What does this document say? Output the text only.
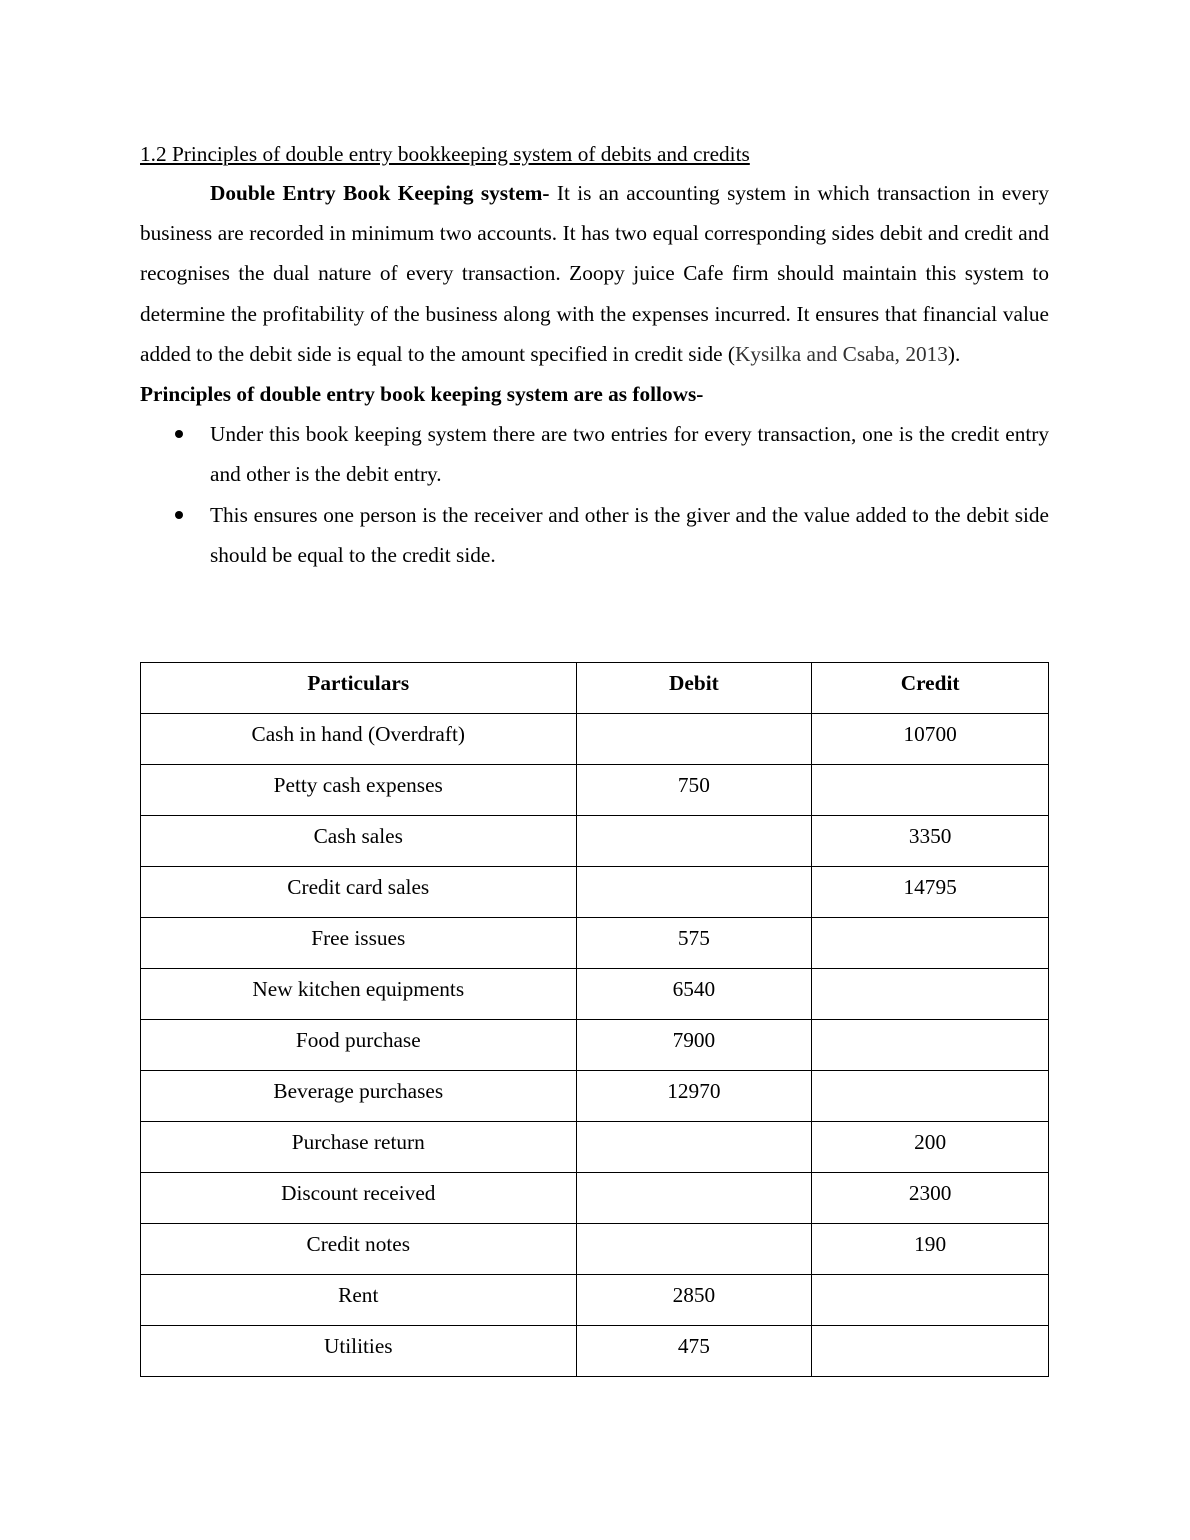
1.2 Principles of double entry bookkeeping system of debits and credits

Double Entry Book Keeping system- It is an accounting system in which transaction in every business are recorded in minimum two accounts. It has two equal corresponding sides debit and credit and recognises the dual nature of every transaction. Zoopy juice Cafe firm should maintain this system to determine the profitability of the business along with the expenses incurred. It ensures that financial value added to the debit side is equal to the amount specified in credit side (Kysilka and Csaba, 2013).

Principles of double entry book keeping system are as follows-

Under this book keeping system there are two entries for every transaction, one is the credit entry and other is the debit entry.
This ensures one person is the receiver and other is the giver and the value added to the debit side should be equal to the credit side.
Particulars	Debit	Credit
Cash in hand (Overdraft)		10700
Petty cash expenses	750	
Cash sales		3350
Credit card sales		14795
Free issues	575	
New kitchen equipments	6540	
Food purchase	7900	
Beverage purchases	12970	
Purchase return		200
Discount received		2300
Credit notes		190
Rent	2850	
Utilities	475	
